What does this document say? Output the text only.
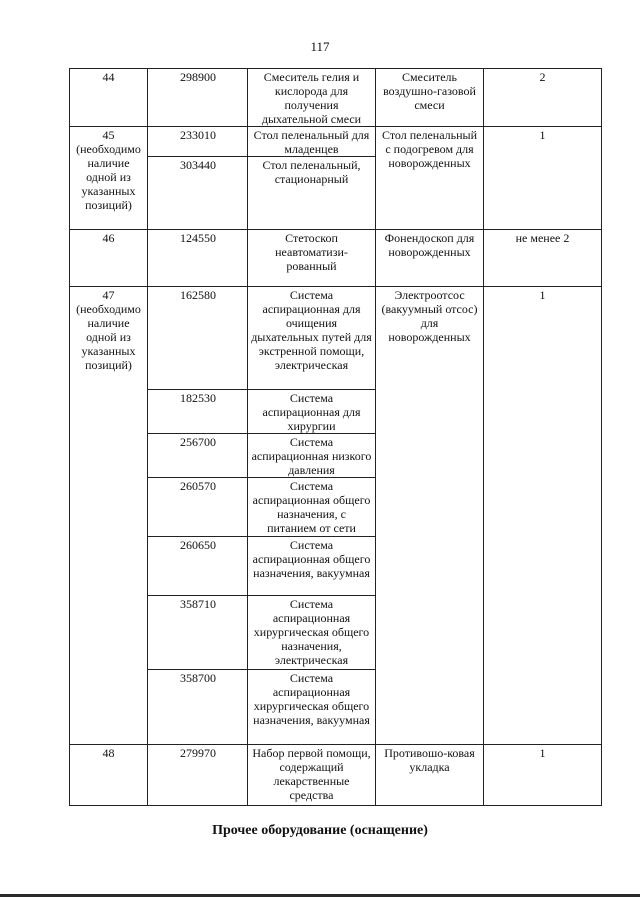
117
44	298900	Смеситель гелия и кислорода для получения дыхательной смеси	Смеситель воздушно-газовой смеси	2
45 (необходимо наличие одной из указанных позиций)	233010	Стол пеленальный для младенцев	Стол пеленальный с подогревом для новорожденных	1
	303440	Стол пеленальный, стационарный		
46	124550	Стетоскоп неавтоматизи-рованный	Фонендоскоп для новорожденных	не менее 2
47 (необходимо наличие одной из указанных позиций)	162580	Система аспирационная для очищения дыхательных путей для экстренной помощи, электрическая	Электроотсос (вакуумный отсос) для новорожденных	1
	182530	Система аспирационная для хирургии		
	256700	Система аспирационная низкого давления		
	260570	Система аспирационная общего назначения, с питанием от сети		
	260650	Система аспирационная общего назначения, вакуумная		
	358710	Система аспирационная хирургическая общего назначения, электрическая		
	358700	Система аспирационная хирургическая общего назначения, вакуумная		
48	279970	Набор первой помощи, содержащий лекарственные средства	Противошо-ковая укладка	1
Прочее оборудование (оснащение)
